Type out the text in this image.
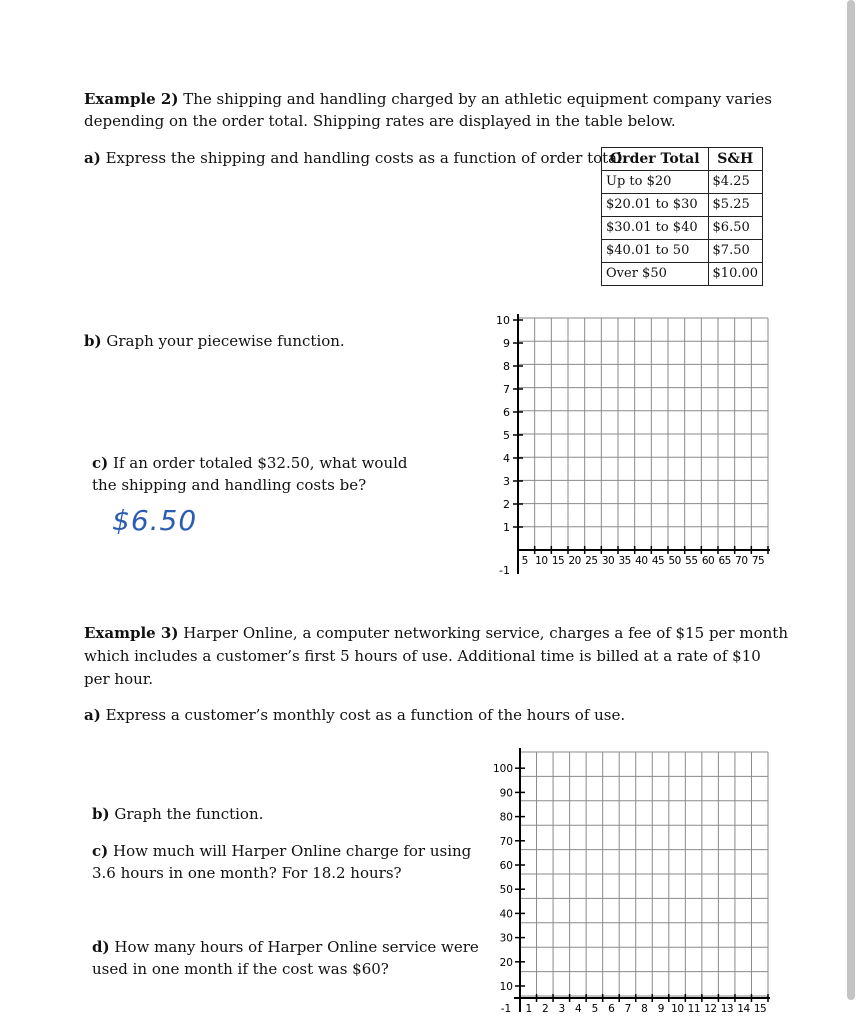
Example 2) The shipping and handling charged by an athletic equipment company varies

depending on the order total. Shipping rates are displayed in the table below.

a) Express the shipping and handling costs as a function of order total.

Order Total	S&H
Up to $20	$4.25
$20.01 to $30	$5.25
$30.01 to $40	$6.50
$40.01 to 50	$7.50
Over $50	$10.00

b) Graph your piecewise function.

c) If an order totaled $32.50, what would

the shipping and handling costs be?

$6.50	1
2
3
4
5
6
7
8
9
10
-1
5 10 15 20 25 30 35 40 45 50 55 60 65 70 75

Example 3) Harper Online, a computer networking service, charges a fee of $15 per month

which includes a customer’s first 5 hours of use. Additional time is billed at a rate of $10

per hour.

a) Express a customer’s monthly cost as a function of the hours of use.

b) Graph the function.

c) How much will Harper Online charge for using

3.6 hours in one month? For 18.2 hours?

d) How many hours of Harper Online service were

used in one month if the cost was $60?

10
20
30
40
50
60
70
80
90
100
-1 1 2 3 4 5 6 7 8 9 10 11 12 13 14 15
